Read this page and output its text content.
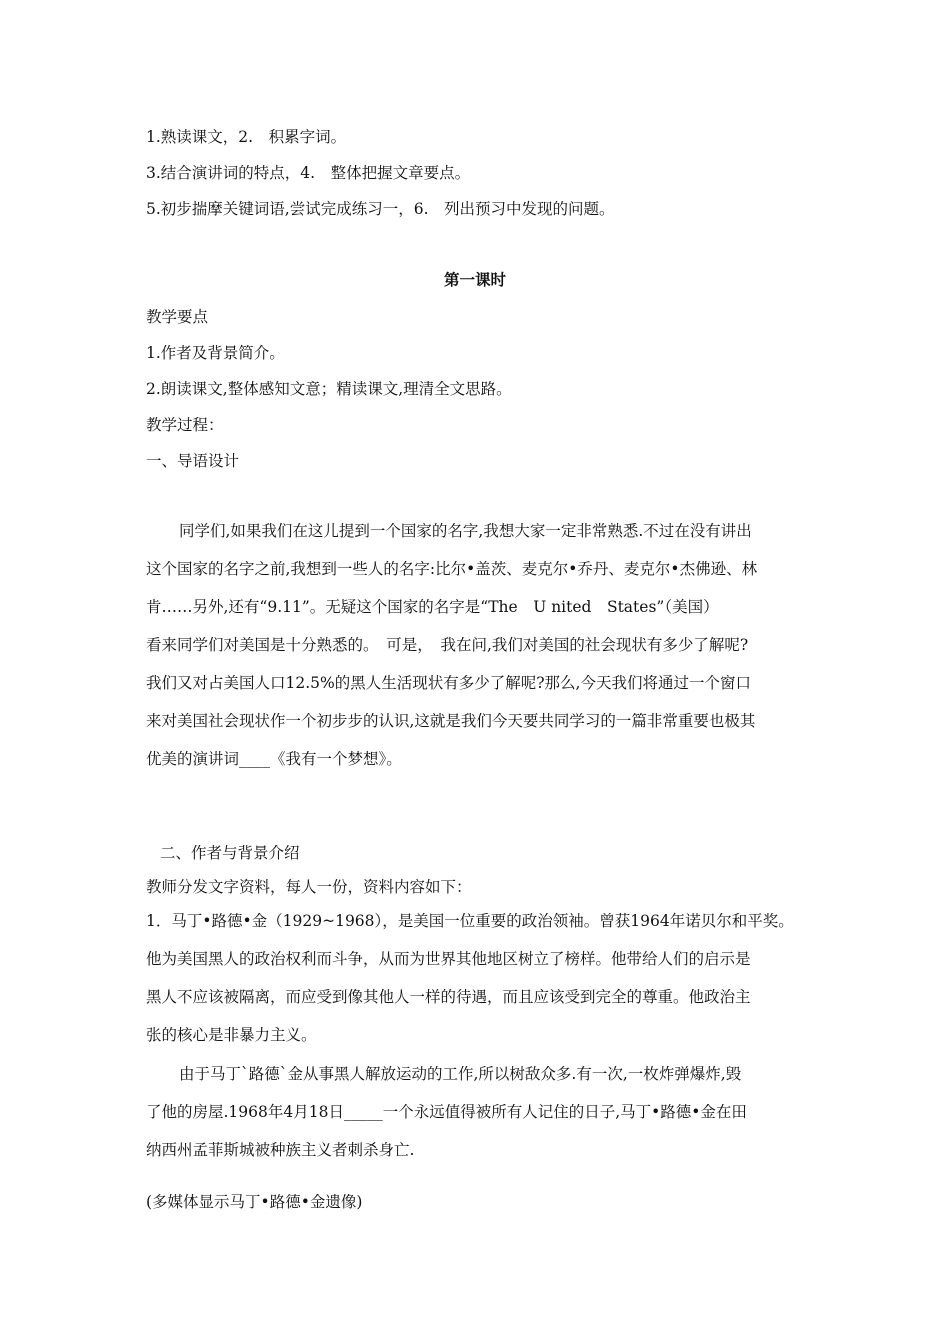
1.熟读课文，2.　积累字词。
3.结合演讲词的特点，4.　整体把握文章要点。
5.初步揣摩关键词语,尝试完成练习一，6.　列出预习中发现的问题。
第一课时
教学要点
1.作者及背景简介。
2.朗读课文,整体感知文意；精读课文,理清全文思路。
教学过程：
一、导语设计

同学们,如果我们在这儿提到一个国家的名字,我想大家一定非常熟悉.不过在没有讲出

这个国家的名字之前,我想到一些人的名字:比尔•盖茨、麦克尔•乔丹、麦克尔•杰佛逊、林

肯……另外,还有“9.11”。无疑这个国家的名字是“The　U nited　States”（美国）

看来同学们对美国是十分熟悉的。　可是，　我在问,我们对美国的社会现状有多少了解呢?

我们又对占美国人口12.5%的黑人生活现状有多少了解呢?那么,今天我们将通过一个窗口

来对美国社会现状作一个初步步的认识,这就是我们今天要共同学习的一篇非常重要也极其

优美的演讲词____《我有一个梦想》。

二、作者与背景介绍
教师分发文字资料，每人一份，资料内容如下：

1．马丁•路德•金（1929~1968），是美国一位重要的政治领袖。曾获1964年诺贝尔和平奖。

他为美国黑人的政治权利而斗争，从而为世界其他地区树立了榜样。他带给人们的启示是

黑人不应该被隔离，而应受到像其他人一样的待遇，而且应该受到完全的尊重。他政治主

张的核心是非暴力主义。

由于马丁`路德`金从事黑人解放运动的工作,所以树敌众多.有一次,一枚炸弹爆炸,毁

了他的房屋.1968年4月18日_____一个永远值得被所有人记住的日子,马丁•路德•金在田

纳西州孟菲斯城被种族主义者刺杀身亡.

(多媒体显示马丁•路德•金遗像)
